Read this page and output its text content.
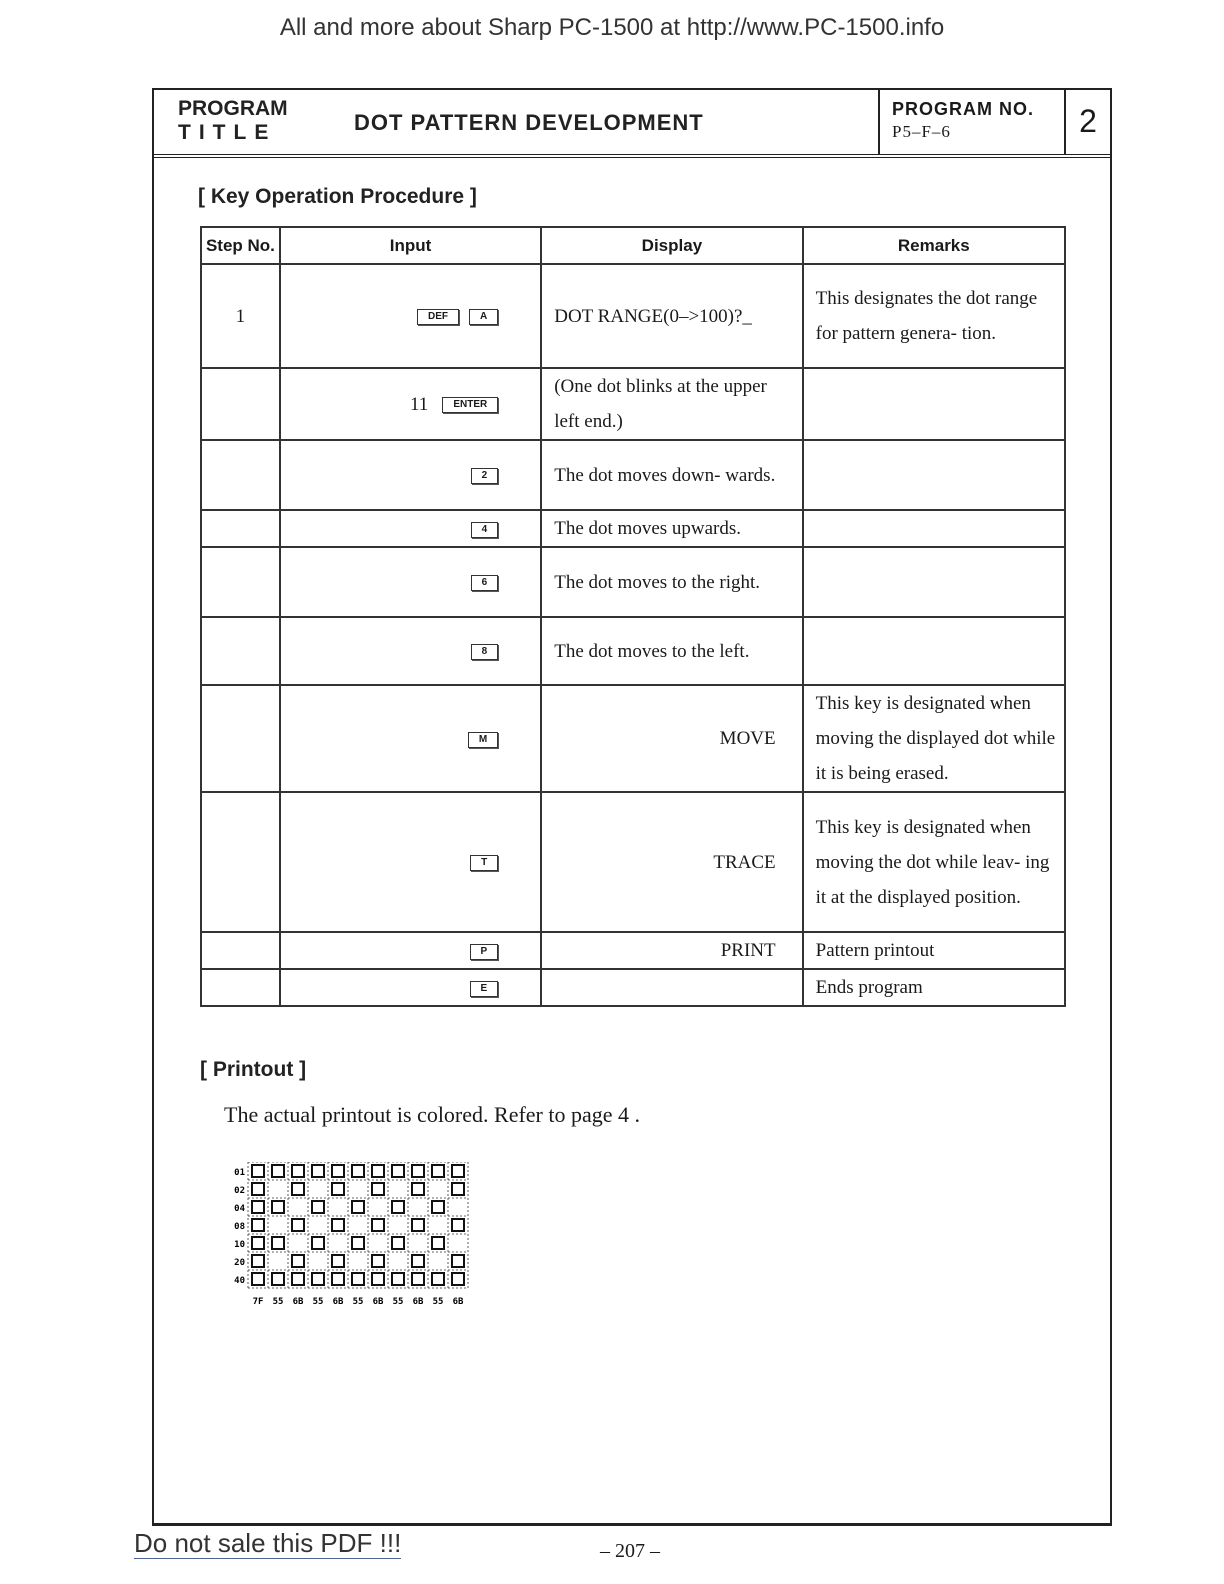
All and more about Sharp PC-1500 at http://www.PC-1500.info
PROGRAM
TITLE	DOT PATTERN DEVELOPMENT
PROGRAM NO.
P5–F–6	2
[ Key Operation Procedure ]
Step No.	Input	Display	Remarks
1	DEF A	DOT RANGE(0–>100)?_	This designates the dot range for pattern genera- tion.
	11 ENTER	(One dot blinks at the upper left end.)	
	2	The dot moves down- wards.	
	4	The dot moves upwards.	
	6	The dot moves to the right.	
	8	The dot moves to the left.	
	M	MOVE	This key is designated when moving the displayed dot while it is being erased.
	T	TRACE	This key is designated when moving the dot while leav- ing it at the displayed position.
	P	PRINT	Pattern printout
	E		Ends program
[ Printout ]
The actual printout is colored. Refer to page 4 .
01
02
04
08
10
20
40
7F 55 6B 55 6B 55 6B 55 6B 55 6B
Do not sale this PDF !!!	– 207 –
